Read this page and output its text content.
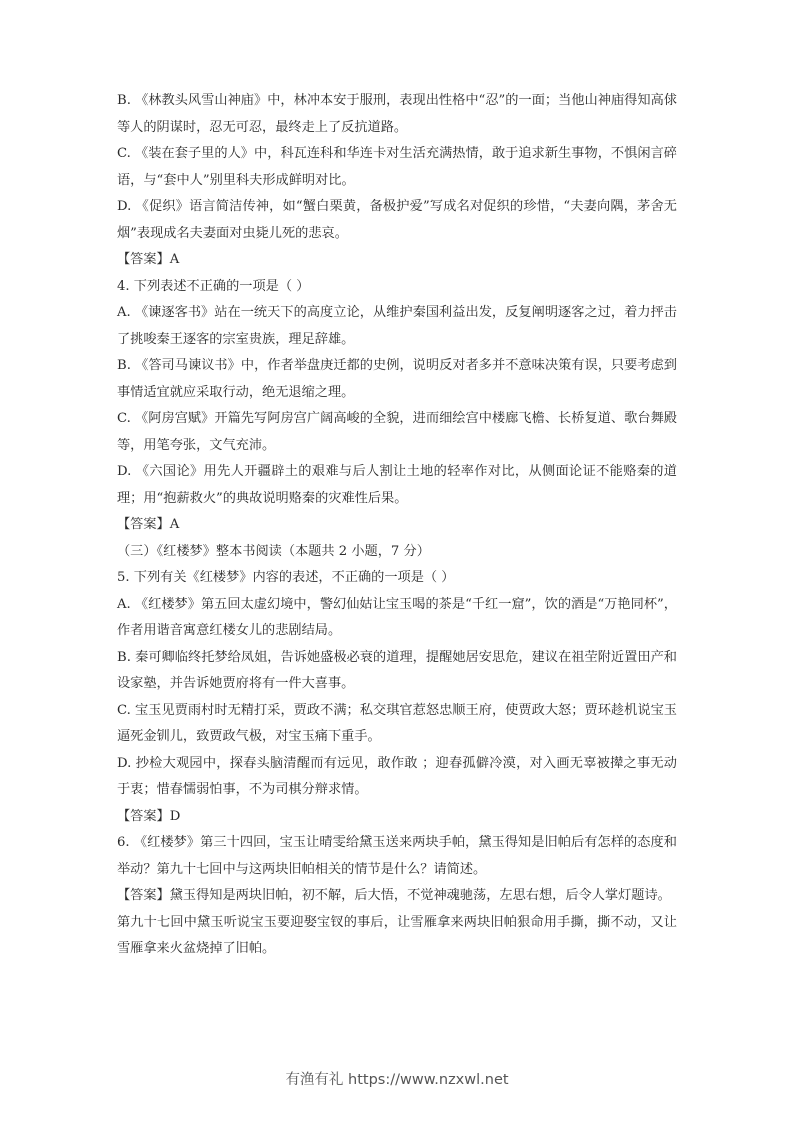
B. 《林教头风雪山神庙》中，林冲本安于服刑，表现出性格中“忍”的一面；当他山神庙得知高俅等人的阴谋时，忍无可忍，最终走上了反抗道路。

C. 《装在套子里的人》中，科瓦连科和华连卡对生活充满热情，敢于追求新生事物，不惧闲言碎语，与“套中人”别里科夫形成鲜明对比。

D. 《促织》语言简洁传神，如“蟹白栗黄，备极护爱”写成名对促织的珍惜，“夫妻向隅，茅舍无烟”表现成名夫妻面对虫毙儿死的悲哀。

【答案】A

4. 下列表述不正确的一项是（ ）

A. 《谏逐客书》站在一统天下的高度立论，从维护秦国利益出发，反复阐明逐客之过，着力抨击了挑唆秦王逐客的宗室贵族，理足辞雄。

B. 《答司马谏议书》中，作者举盘庚迁都的史例，说明反对者多并不意味决策有误，只要考虑到事情适宜就应采取行动，绝无退缩之理。

C. 《阿房宫赋》开篇先写阿房宫广阔高峻的全貌，进而细绘宫中楼廊飞檐、长桥复道、歌台舞殿等，用笔夸张，文气充沛。

D. 《六国论》用先人开疆辟土的艰难与后人割让土地的轻率作对比，从侧面论证不能赂秦的道理；用“抱薪救火”的典故说明赂秦的灾难性后果。

【答案】A

（三）《红楼梦》整本书阅读（本题共 2 小题，7 分）

5. 下列有关《红楼梦》内容的表述，不正确的一项是（ ）

A. 《红楼梦》第五回太虚幻境中，警幻仙姑让宝玉喝的茶是“千红一窟”，饮的酒是“万艳同杯”，作者用谐音寓意红楼女儿的悲剧结局。

B. 秦可卿临终托梦给凤姐，告诉她盛极必衰的道理，提醒她居安思危，建议在祖茔附近置田产和设家塾，并告诉她贾府将有一件大喜事。

C. 宝玉见贾雨村时无精打采，贾政不满；私交琪官惹怒忠顺王府，使贾政大怒；贾环趁机说宝玉逼死金钏儿，致贾政气极，对宝玉痛下重手。

D. 抄检大观园中，探春头脑清醒而有远见，敢作敢 ；迎春孤僻冷漠，对入画无辜被撵之事无动于衷；惜春懦弱怕事，不为司棋分辩求情。

【答案】D

6. 《红楼梦》第三十四回，宝玉让晴雯给黛玉送来两块手帕，黛玉得知是旧帕后有怎样的态度和举动？第九十七回中与这两块旧帕相关的情节是什么？请简述。

【答案】黛玉得知是两块旧帕，初不解，后大悟，不觉神魂驰荡，左思右想，后令人掌灯题诗。

第九十七回中黛玉听说宝玉要迎娶宝钗的事后，让雪雁拿来两块旧帕狠命用手撕，撕不动，又让雪雁拿来火盆烧掉了旧帕。

有渔有礼 https://www.nzxwl.net
